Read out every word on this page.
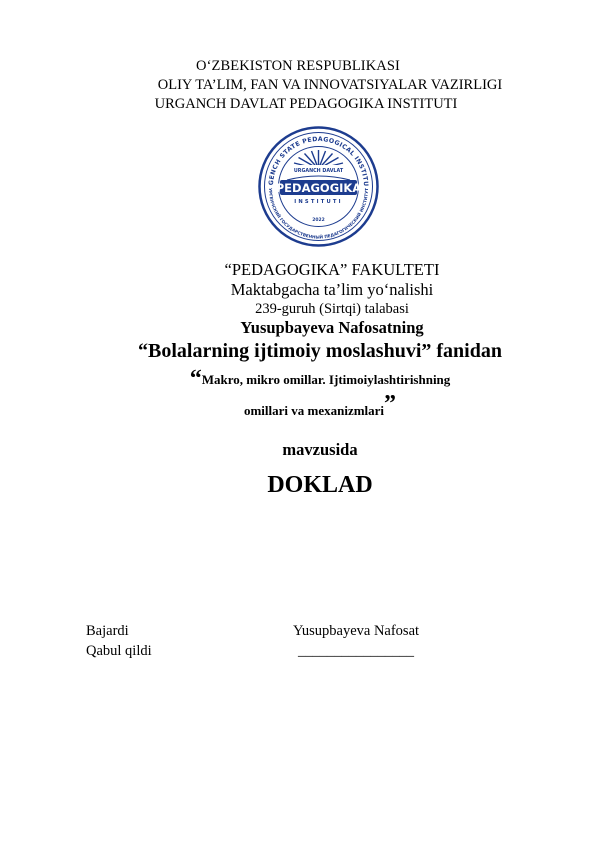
O‘ZBEKISTON RESPUBLIKASI
OLIY TA’LIM, FAN VA INNOVATSIYALAR VAZIRLIGI
URGANCH DAVLAT PEDAGOGIKA INSTITUTI
GENCH STATE PEDAGOGICAL INSTITU
УРГЕНЧСКИЙ ГОСУДАРСТВЕННЫЙ ПЕДАГОГИЧЕСКИЙ ИНСТИТУТ
URGANCH DAVLAT
PEDAGOGIKA
INSTITUTI
2022
“PEDAGOGIKA” FAKULTETI
Maktabgacha ta’lim yo‘nalishi
239-guruh (Sirtqi) talabasi
Yusupbayeva Nafosatning
“Bolalarning ijtimoiy moslashuvi” fanidan
“Makro, mikro omillar. Ijtimoiylashtirishning
omillari va mexanizmlari”
mavzusida
DOKLAD
Bajardi	Yusupbayeva Nafosat
Qabul qildi	________________
